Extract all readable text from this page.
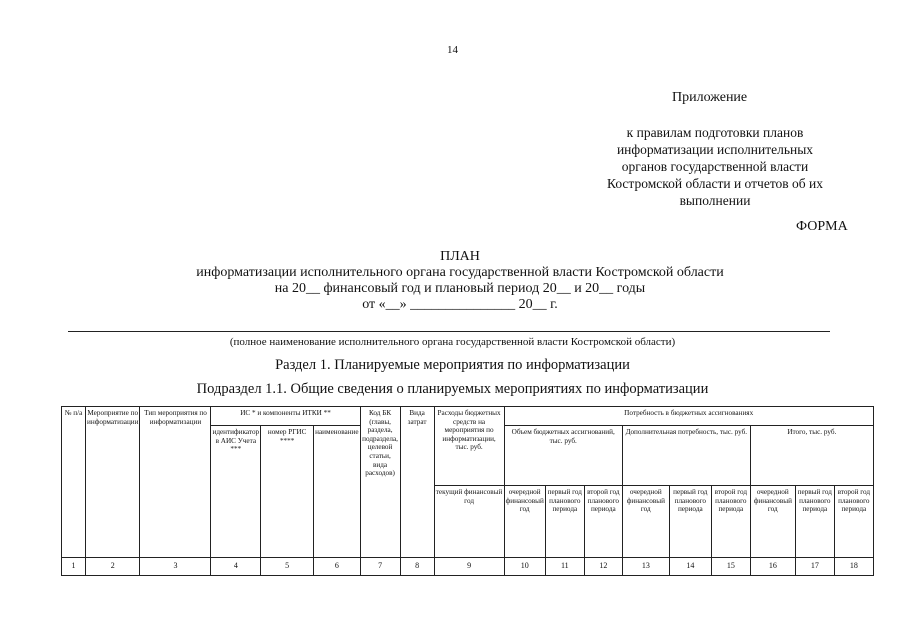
14
Приложение
к правилам подготовки планов
информатизации исполнительных
органов государственной власти
Костромской области и отчетов об их
выполнении
ФОРМА
ПЛАН
информатизации исполнительного органа государственной власти Костромской области
на 20__ финансовый год и плановый период 20__ и 20__ годы
от «__» _______________ 20__ г.
(полное наименование исполнительного органа государственной власти Костромской области)
Раздел 1. Планируемые мероприятия по информатизации
Подраздел 1.1. Общие сведения о планируемых мероприятиях по информатизации
№ п/а	Мероприятие по информатизации	Тип мероприятия по информатизации	ИС * и компоненты ИТКИ **			Код БК (главы, раздела, подраздела, целевой статьи, вида расходов)	Вида затрат	Расходы бюджетных средств на мероприятия по информатизации, тыс. руб.	Потребность в бюджетных ассигнованиях								
			идентификатор в АИС Учета ***	номер РГИС ****	наименование				Объем бюджетных ассигнований, тыс. руб.			Дополнительная потребность, тыс. руб.			Итого, тыс. руб.		
								текущий финансовый год	очередной финансовый год	первый год планового периода	второй год планового периода	очередной финансовый год	первый год планового периода	второй год планового периода	очередной финансовый год	первый год планового периода	второй год планового периода
1	2	3	4	5	6	7	8	9	10	11	12	13	14	15	16	17	18
